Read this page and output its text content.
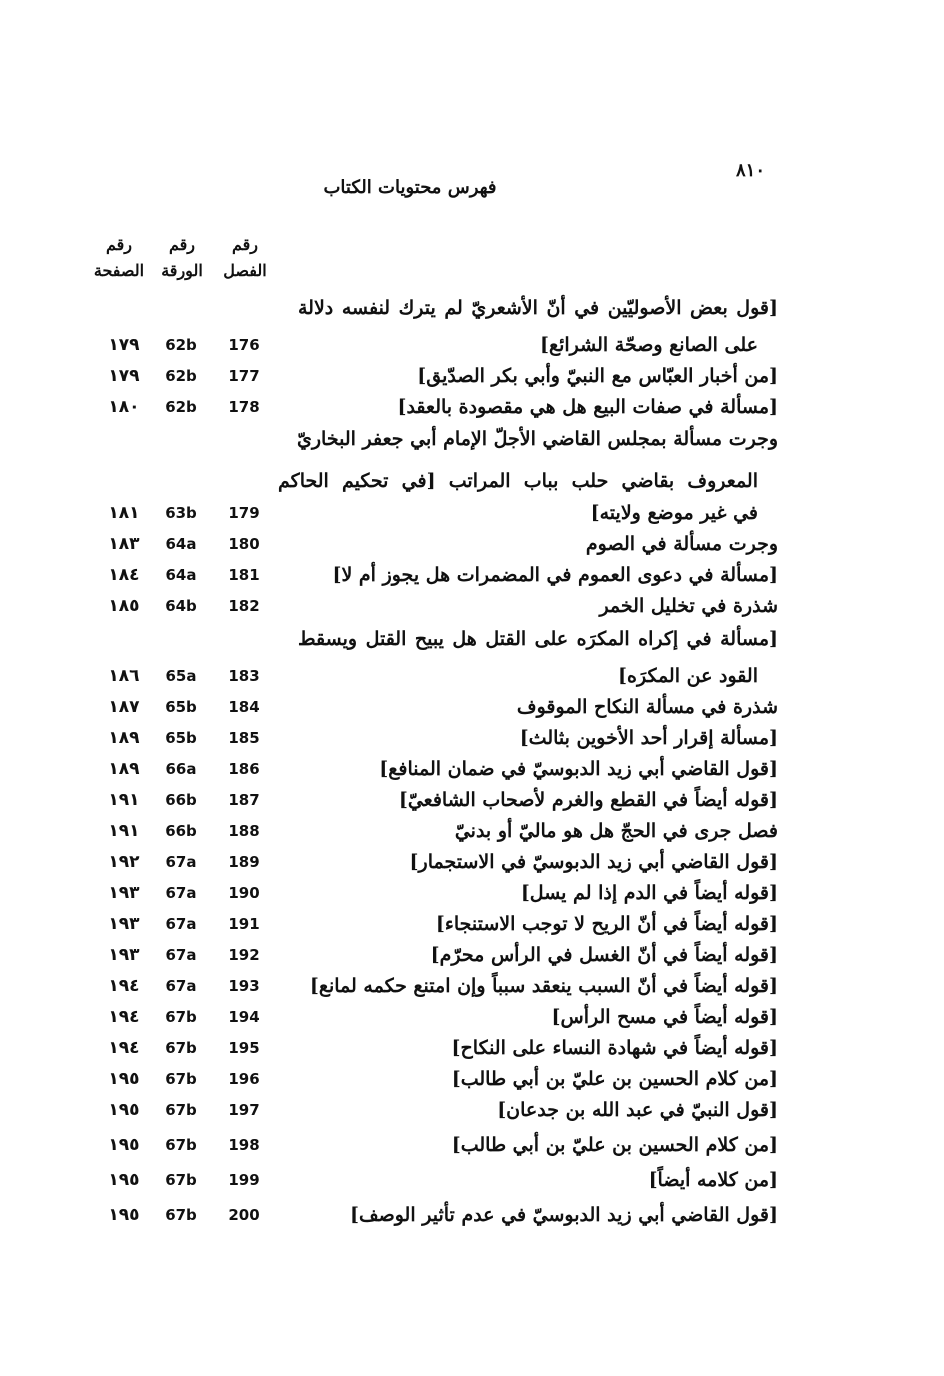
٨١٠
فهرس محتويات الكتاب
رقم
الفصل
رقم
الورقة
رقم
الصفحة
[قول بعض الأصوليّين في أنّ الأشعريّ لم يترك لنفسه دلالة
على الصانع وصحّة الشرائع]
176
62b
١٧٩
[من أخبار العبّاس مع النبيّ وأبي بكر الصدّيق]
177
62b
١٧٩
[مسألة في صفات البيع هل هي مقصودة بالعقد]
178
62b
١٨٠
وجرت مسألة بمجلس القاضي الأجلّ الإمام أبي جعفر البخاريّ
المعروف بقاضي حلب بباب المراتب [في تحكيم الحاكم
في غير موضع ولايته]
179
63b
١٨١
وجرت مسألة في الصوم
180
64a
١٨٣
[مسألة في دعوى العموم في المضمرات هل يجوز أم لا]
181
64a
١٨٤
شذرة في تخليل الخمر
182
64b
١٨٥
[مسألة في إكراه المكرَه على القتل هل يبيح القتل ويسقط
القود عن المكرَه]
183
65a
١٨٦
شذرة في مسألة النكاح الموقوف
184
65b
١٨٧
[مسألة إقرار أحد الأخوين بثالث]
185
65b
١٨٩
[قول القاضي أبي زيد الدبوسيّ في ضمان المنافع]
186
66a
١٨٩
[قوله أيضاً في القطع والغرم لأصحاب الشافعيّ]
187
66b
١٩١
فصل جرى في الحجّ هل هو ماليّ أو بدنيّ
188
66b
١٩١
[قول القاضي أبي زيد الدبوسيّ في الاستجمار]
189
67a
١٩٢
[قوله أيضاً في الدم إذا لم يسل]
190
67a
١٩٣
[قوله أيضاً في أنّ الريح لا توجب الاستنجاء]
191
67a
١٩٣
[قوله أيضاً في أنّ الغسل في الرأس محرّم]
192
67a
١٩٣
[قوله أيضاً في أنّ السبب ينعقد سبباً وإن امتنع حكمه لمانع]
193
67a
١٩٤
[قوله أيضاً في مسح الرأس]
194
67b
١٩٤
[قوله أيضاً في شهادة النساء على النكاح]
195
67b
١٩٤
[من كلام الحسين بن عليّ بن أبي طالب]
196
67b
١٩٥
[قول النبيّ في عبد الله بن جدعان]
197
67b
١٩٥
[من كلام الحسين بن عليّ بن أبي طالب]
198
67b
١٩٥
[من كلامه أيضاً]
199
67b
١٩٥
[قول القاضي أبي زيد الدبوسيّ في عدم تأثير الوصف]
200
67b
١٩٥
